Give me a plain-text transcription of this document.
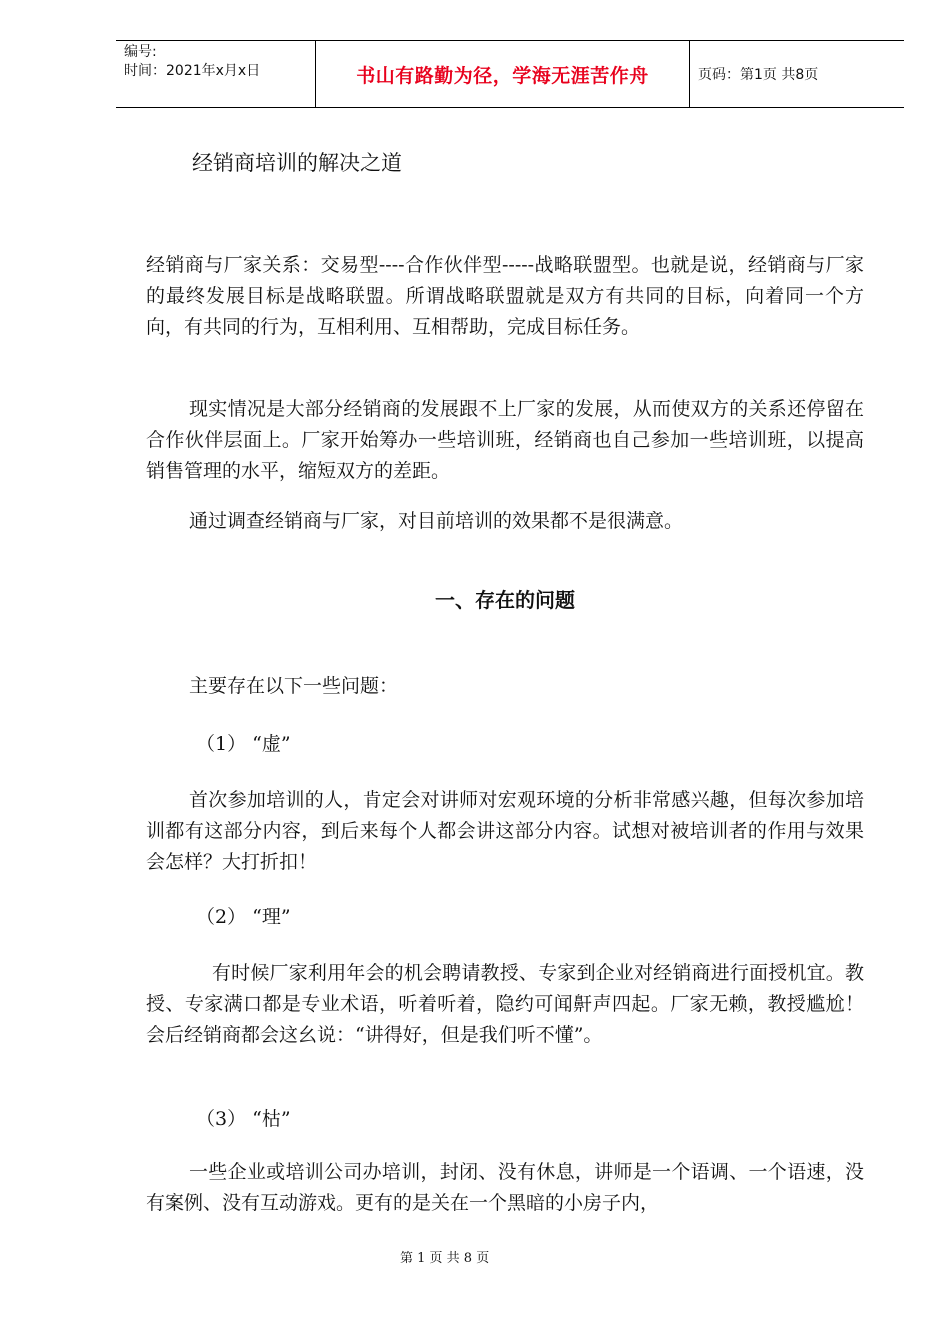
编号:
时间：2021年x月x日	书山有路勤为径，学海无涯苦作舟	页码：第1页 共8页
经销商培训的解决之道

经销商与厂家关系：交易型----合作伙伴型-----战略联盟型。也就是说，经销商与厂家的最终发展目标是战略联盟。所谓战略联盟就是双方有共同的目标，向着同一个方向，有共同的行为，互相利用、互相帮助，完成目标任务。

现实情况是大部分经销商的发展跟不上厂家的发展，从而使双方的关系还停留在合作伙伴层面上。厂家开始筹办一些培训班，经销商也自己参加一些培训班，以提高销售管理的水平，缩短双方的差距。

通过调查经销商与厂家，对目前培训的效果都不是很满意。

一、存在的问题

主要存在以下一些问题：

（1） “虚”

首次参加培训的人，肯定会对讲师对宏观环境的分析非常感兴趣，但每次参加培训都有这部分内容，到后来每个人都会讲这部分内容。试想对被培训者的作用与效果会怎样？大打折扣！

（2） “理”

有时候厂家利用年会的机会聘请教授、专家到企业对经销商进行面授机宜。教授、专家满口都是专业术语，听着听着，隐约可闻鼾声四起。厂家无赖，教授尴尬！会后经销商都会这幺说：“讲得好，但是我们听不懂”。

（3） “枯”

一些企业或培训公司办培训，封闭、没有休息，讲师是一个语调、一个语速，没有案例、没有互动游戏。更有的是关在一个黑暗的小房子内，

第 1 页 共 8 页
